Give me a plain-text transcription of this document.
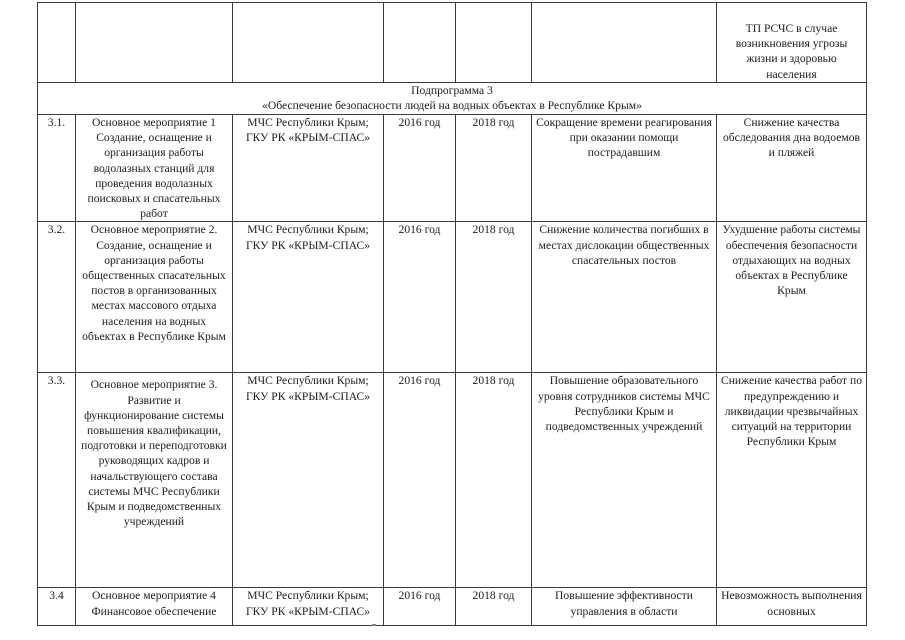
						ТП РСЧС в случае возникновения угрозы жизни и здоровью населения

Подпрограмма 3
«Обеспечение безопасности людей на водных объектах в Республике Крым»						

3.1.	Основное мероприятие 1 Создание, оснащение и организация работы водолазных станций для проведения водолазных поисковых и спасательных работ	МЧС Республики Крым; ГКУ РК «КРЫМ-СПАС»	2016 год	2018 год	Сокращение времени реагирования при оказании помощи пострадавшим	Снижение качества обследования дна водоемов и пляжей
3.2.	Основное мероприятие 2. Создание, оснащение и организация работы общественных спасательных постов в организованных местах массового отдыха населения на водных объектах в Республике Крым	МЧС Республики Крым; ГКУ РК «КРЫМ-СПАС»	2016 год	2018 год	Снижение количества погибших в местах дислокации общественных спасательных постов	Ухудшение работы системы обеспечения безопасности отдыхающих на водных объектах в Республике Крым
3.3.	Основное мероприятие 3. Развитие и функционирование системы повышения квалификации, подготовки и переподготовки руководящих кадров и начальствующего состава системы МЧС Республики Крым и подведомственных учреждений	МЧС Республики Крым; ГКУ РК «КРЫМ-СПАС»	2016 год	2018 год	Повышение образовательного уровня сотрудников системы МЧС Республики Крым и подведомственных учреждений	Снижение качества работ по предупреждению и ликвидации чрезвычайных ситуаций на территории Республики Крым
3.4	Основное мероприятие 4 Финансовое обеспечение	МЧС Республики Крым; ГКУ РК «КРЫМ-СПАС»	2016 год	2018 год	Повышение эффективности управления в области	Невозможность выполнения основных
